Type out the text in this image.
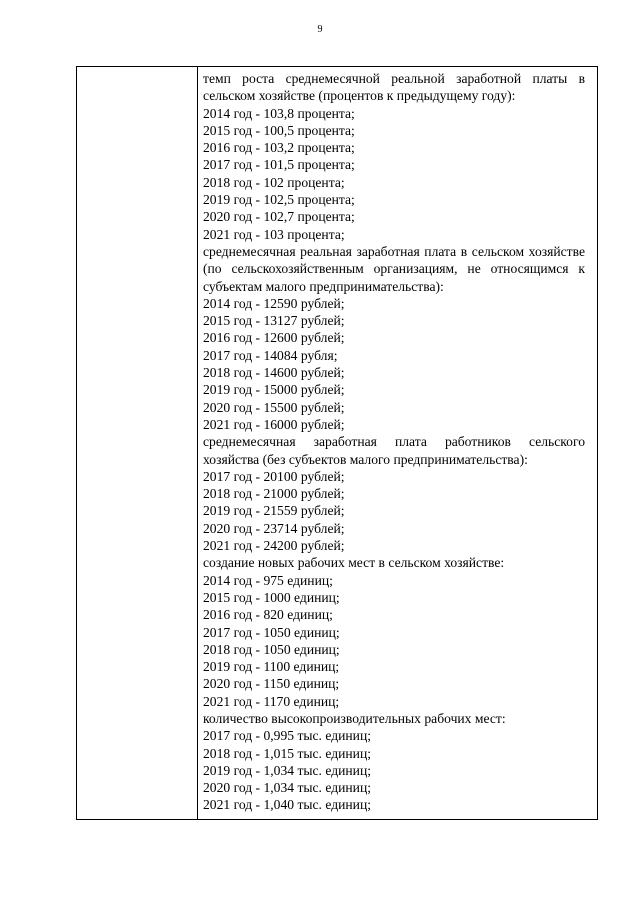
9
темп роста среднемесячной реальной заработной платы в сельском хозяйстве (процентов к предыдущему году):
2014 год - 103,8 процента;
2015 год - 100,5 процента;
2016 год - 103,2 процента;
2017 год - 101,5 процента;
2018 год - 102 процента;
2019 год - 102,5 процента;
2020 год - 102,7 процента;
2021 год - 103 процента;
среднемесячная реальная заработная плата в сельском хозяйстве (по сельскохозяйственным организациям, не относящимся к субъектам малого предпринимательства):
2014 год - 12590 рублей;
2015 год - 13127 рублей;
2016 год - 12600 рублей;
2017 год - 14084 рубля;
2018 год - 14600 рублей;
2019 год - 15000 рублей;
2020 год - 15500 рублей;
2021 год - 16000 рублей;
среднемесячная заработная плата работников сельского хозяйства (без субъектов малого предпринимательства):
2017 год - 20100 рублей;
2018 год - 21000 рублей;
2019 год - 21559 рублей;
2020 год - 23714 рублей;
2021 год - 24200 рублей;
создание новых рабочих мест в сельском хозяйстве:
2014 год - 975 единиц;
2015 год - 1000 единиц;
2016 год - 820 единиц;
2017 год - 1050 единиц;
2018 год - 1050 единиц;
2019 год - 1100 единиц;
2020 год - 1150 единиц;
2021 год - 1170 единиц;
количество высокопроизводительных рабочих мест:
2017 год - 0,995 тыс. единиц;
2018 год - 1,015 тыс. единиц;
2019 год - 1,034 тыс. единиц;
2020 год - 1,034 тыс. единиц;
2021 год - 1,040 тыс. единиц;
